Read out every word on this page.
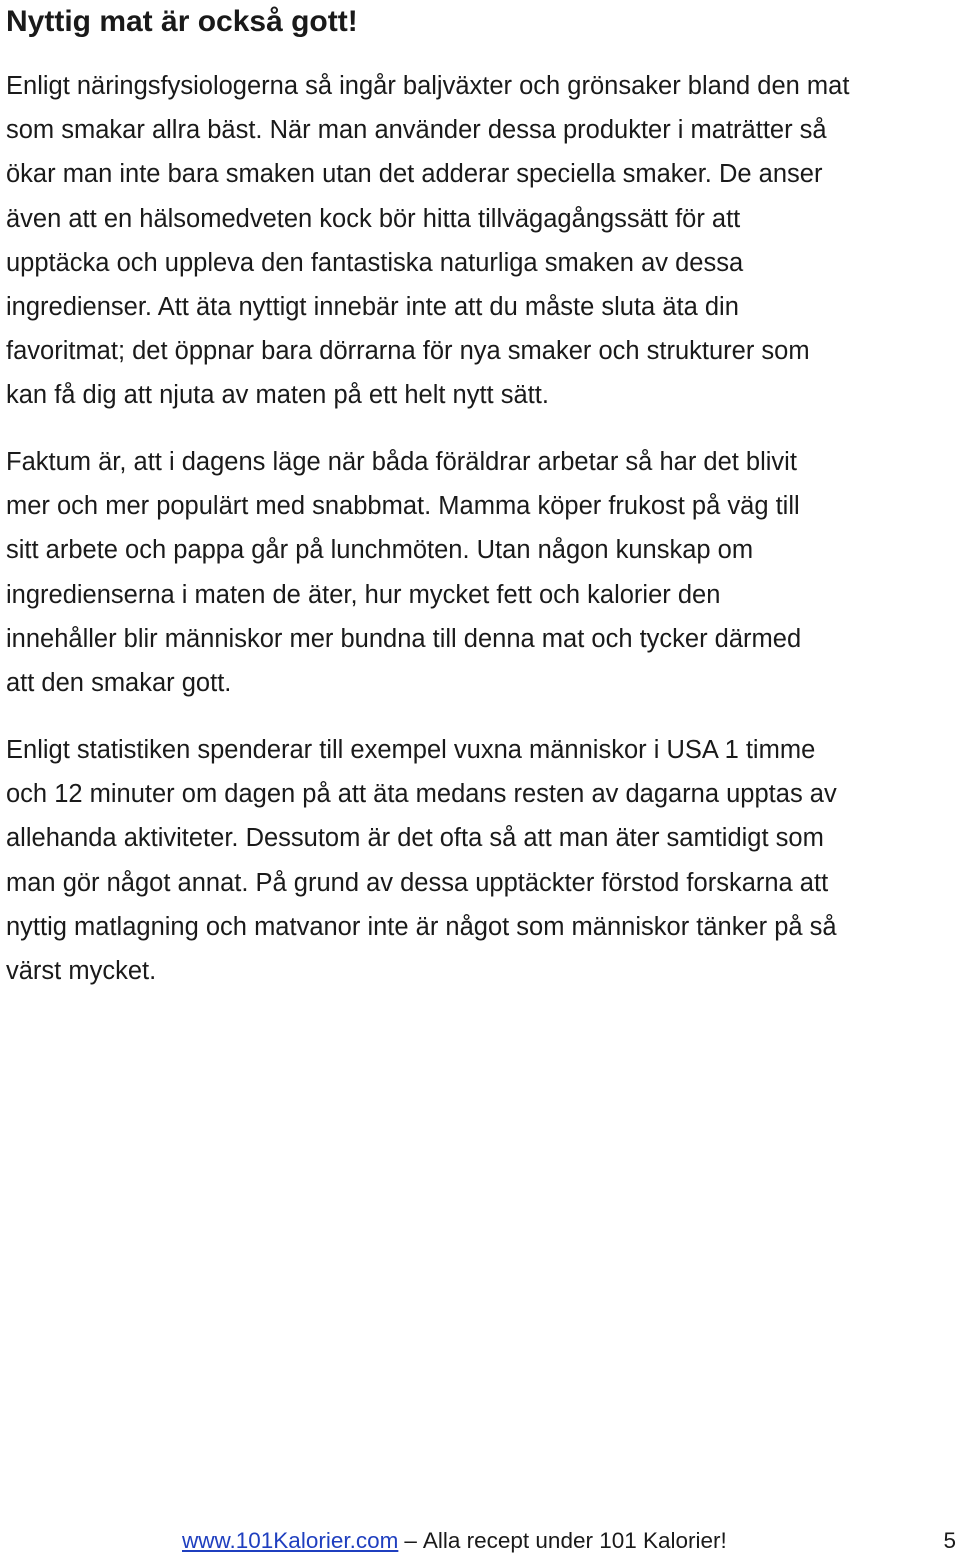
Nyttig mat är också gott!

Enligt näringsfysiologerna så ingår baljväxter och grönsaker bland den mat
som smakar allra bäst. När man använder dessa produkter i maträtter så
ökar man inte bara smaken utan det adderar speciella smaker. De anser
även att en hälsomedveten kock bör hitta tillvägagångssätt för att
upptäcka och uppleva den fantastiska naturliga smaken av dessa
ingredienser. Att äta nyttigt innebär inte att du måste sluta äta din
favoritmat; det öppnar bara dörrarna för nya smaker och strukturer som
kan få dig att njuta av maten på ett helt nytt sätt.

Faktum är, att i dagens läge när båda föräldrar arbetar så har det blivit
mer och mer populärt med snabbmat. Mamma köper frukost på väg till
sitt arbete och pappa går på lunchmöten. Utan någon kunskap om
ingredienserna i maten de äter, hur mycket fett och kalorier den
innehåller blir människor mer bundna till denna mat och tycker därmed
att den smakar gott.

Enligt statistiken spenderar till exempel vuxna människor i USA 1 timme
och 12 minuter om dagen på att äta medans resten av dagarna upptas av
allehanda aktiviteter. Dessutom är det ofta så att man äter samtidigt som
man gör något annat. På grund av dessa upptäckter förstod forskarna att
nyttig matlagning och matvanor inte är något som människor tänker på så
värst mycket.

www.101Kalorier.com – Alla recept under 101 Kalorier!	5
